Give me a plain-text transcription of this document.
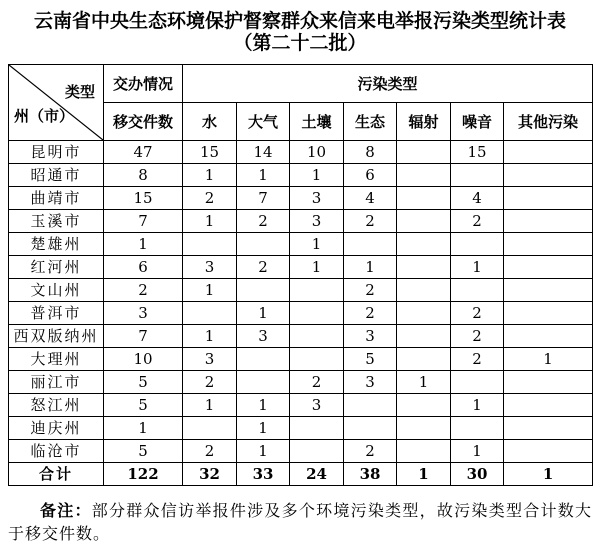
云南省中央生态环境保护督察群众来信来电举报污染类型统计表
（第二十二批）
类型
州（市）	交办情况	污染类型						
	移交件数	水	大气	土壤	生态	辐射	噪音	其他污染
昆明市	47	15	14	10	8		15	
昭通市	8	1	1	1	6			
曲靖市	15	2	7	3	4		4	
玉溪市	7	1	2	3	2		2	
楚雄州	1			1				
红河州	6	3	2	1	1		1	
文山州	2	1			2			
普洱市	3		1		2		2	
西双版纳州	7	1	3		3		2	
大理州	10	3			5		2	1
丽江市	5	2		2	3	1		
怒江州	5	1	1	3			1	
迪庆州	1		1					
临沧市	5	2	1		2		1	
合计	122	32	33	24	38	1	30	1

备注：部分群众信访举报件涉及多个环境污染类型，故污染类型合计数大于移交件数。
